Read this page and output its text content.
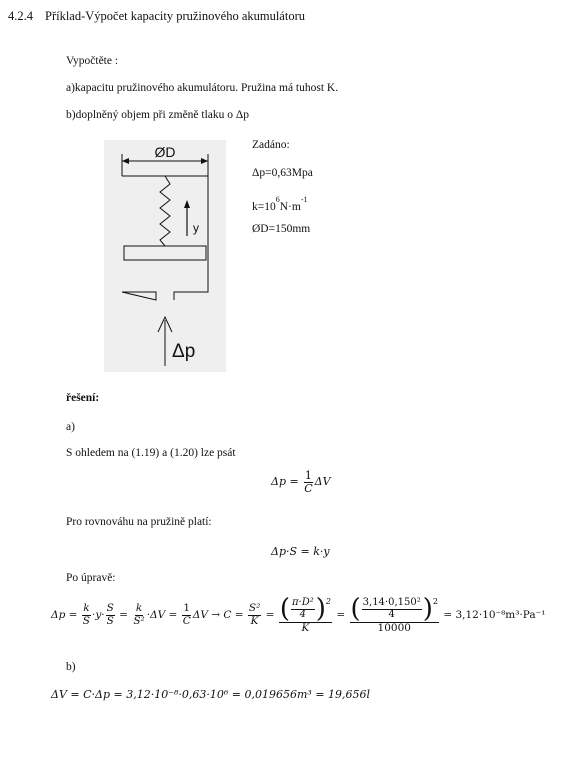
4.2.4 Příklad-Výpočet kapacity pružinového akumulátoru
Vypočtěte :
a)kapacitu pružinového akumulátoru. Pružina má tuhost K.
b)doplněný objem při změně tlaku o Δp
ØD
y
Δp
Zadáno:
Δp=0,63Mpa
$k=10^6N\cdot m^{-1}$
ØD=150mm
řešení:
a)
S ohledem na (1.19) a (1.20) lze psát
$\Delta p = \frac{1}{C}$ ΔV
Pro rovnováhu na pružině platí:
Δp·S = k·y
Po úpravě:
$\Delta p = \frac{k}{S} \cdot y\cdot \frac{S}{S} = \frac{k}{\text{S²}} \cdot\Delta V = \frac{1}{C}$ $\Delta V \to C = \frac{\text{S²}}{K} = \frac{( \frac{\text{π·D²}}{4} )^2}{K} = \frac{( \frac{\text{3,14·0,150²}}{4} )^2}{10000} = 3,12\cdot 10^{-8}m^3\cdot Pa^{-1}$
b)
ΔV = C·Δp = 3,12·10⁻⁸·0,63·10⁶ = 0,019656m³ = 19,656l
